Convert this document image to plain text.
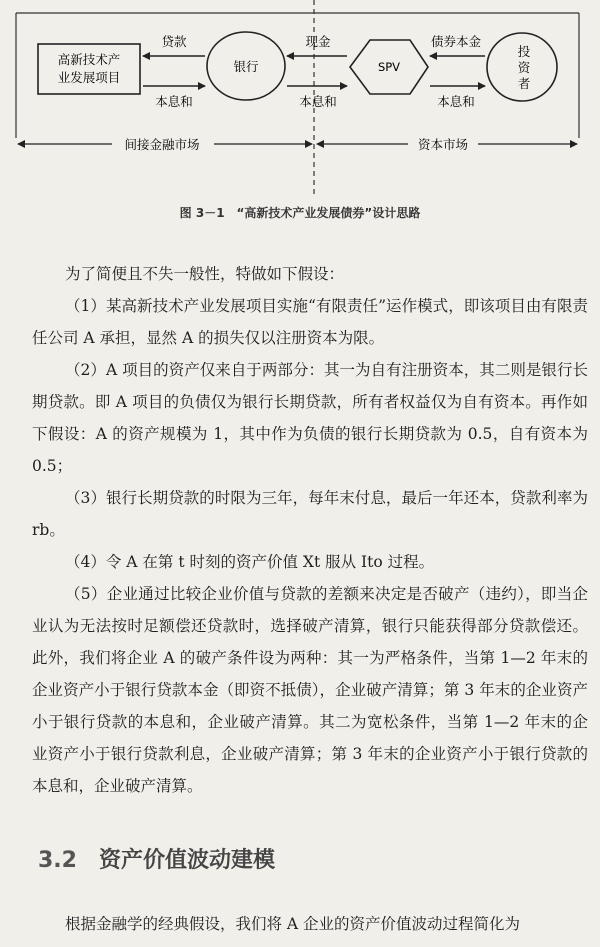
高新技术产
业发展项目
银行	SPV
投
资
者
贷款
本息和
现金
本息和
债券本金
本息和
间接金融市场	资本市场
图 3－1　“高新技术产业发展债券”设计思路
为了简便且不失一般性，特做如下假设：
（1）某高新技术产业发展项目实施“有限责任”运作模式，即该项目由有限责任公司 A 承担，显然 A 的损失仅以注册资本为限。
（2）A 项目的资产仅来自于两部分：其一为自有注册资本，其二则是银行长期贷款。即 A 项目的负债仅为银行长期贷款，所有者权益仅为自有资本。再作如下假设：A 的资产规模为 1，其中作为负债的银行长期贷款为 0.5，自有资本为 0.5；
（3）银行长期贷款的时限为三年，每年末付息，最后一年还本，贷款利率为 rb。
（4）令 A 在第 t 时刻的资产价值 Xt 服从 Ito 过程。
（5）企业通过比较企业价值与贷款的差额来决定是否破产（违约），即当企业认为无法按时足额偿还贷款时，选择破产清算，银行只能获得部分贷款偿还。此外，我们将企业 A 的破产条件设为两种：其一为严格条件，当第 1—2 年末的企业资产小于银行贷款本金（即资不抵债），企业破产清算；第 3 年末的企业资产小于银行贷款的本息和，企业破产清算。其二为宽松条件，当第 1—2 年末的企业资产小于银行贷款利息，企业破产清算；第 3 年末的企业资产小于银行贷款的本息和，企业破产清算。
3.2 资产价值波动建模
根据金融学的经典假设，我们将 A 企业的资产价值波动过程简化为
